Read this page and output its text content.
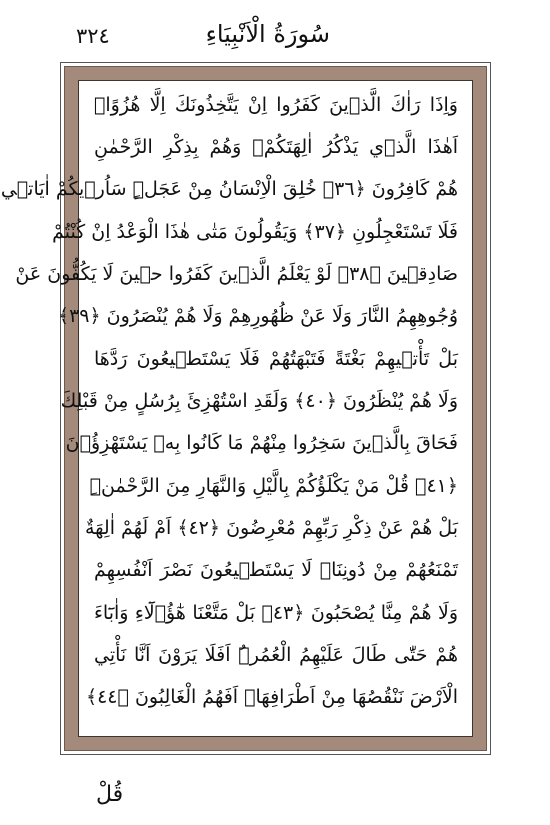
٣٢٤	سُورَةُ الْاَنْبِيَاءِ
وَاِذَا رَاٰكَ الَّذ۪ينَ كَفَرُوا اِنْ يَتَّخِذُونَكَ اِلَّا هُزُوًاۜ
اَهٰذَا الَّذ۪ي يَذْكُرُ اٰلِهَتَكُمْۚ وَهُمْ بِذِكْرِ الرَّحْمٰنِ
هُمْ كَافِرُونَ ﴿٣٦﴾ خُلِقَ الْاِنْسَانُ مِنْ عَجَلٍۜ سَاُر۪يكُمْ اٰيَات۪ي
فَلَا تَسْتَعْجِلُونِ ﴿٣٧﴾ وَيَقُولُونَ مَتٰى هٰذَا الْوَعْدُ اِنْ كُنْتُمْ
صَادِق۪ينَ ﴿٣٨﴾ لَوْ يَعْلَمُ الَّذ۪ينَ كَفَرُوا ح۪ينَ لَا يَكُفُّونَ عَنْ
وُجُوهِهِمُ النَّارَ وَلَا عَنْ ظُهُورِهِمْ وَلَا هُمْ يُنْصَرُونَ ﴿٣٩﴾
بَلْ تَأْت۪يهِمْ بَغْتَةً فَتَبْهَتُهُمْ فَلَا يَسْتَط۪يعُونَ رَدَّهَا
وَلَا هُمْ يُنْظَرُونَ ﴿٤٠﴾ وَلَقَدِ اسْتُهْزِئَ بِرُسُلٍ مِنْ قَبْلِكَ
فَحَاقَ بِالَّذ۪ينَ سَخِرُوا مِنْهُمْ مَا كَانُوا بِه۪ يَسْتَهْزِؤُ۫نَ
﴿٤١﴾ قُلْ مَنْ يَكْلَؤُكُمْ بِالَّيْلِ وَالنَّهَارِ مِنَ الرَّحْمٰنِۜ
بَلْ هُمْ عَنْ ذِكْرِ رَبِّهِمْ مُعْرِضُونَ ﴿٤٢﴾ اَمْ لَهُمْ اٰلِهَةٌ
تَمْنَعُهُمْ مِنْ دُونِنَاۜ لَا يَسْتَط۪يعُونَ نَصْرَ اَنْفُسِهِمْ
وَلَا هُمْ مِنَّا يُصْحَبُونَ ﴿٤٣﴾ بَلْ مَتَّعْنَا هٰٓؤُ۬لَٓاءِ وَاٰبَٓاءَ
هُمْ حَتّٰى طَالَ عَلَيْهِمُ الْعُمُرُۜ اَفَلَا يَرَوْنَ اَنَّا نَأْتِي
الْاَرْضَ نَنْقُصُهَا مِنْ اَطْرَافِهَاۜ اَفَهُمُ الْغَالِبُونَ ﴿٤٤﴾
قُلْ
